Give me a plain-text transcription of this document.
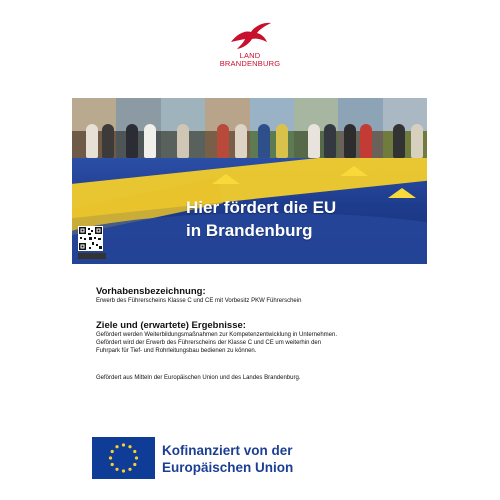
LAND
BRANDENBURG
Hier fördert die EU
in Brandenburg

Vorhabensbezeichnung:

Erwerb des Führerscheins Klasse C und CE mit Vorbesitz PKW Führerschein

Ziele und (erwartete) Ergebnisse:

Gefördert werden Weiterbildungsmaßnahmen zur Kompetenzentwicklung in Unternehmen.

Gefördert wird der Erwerb des Führerscheins der Klasse C und CE um weiterhin den

Fuhrpark für Tief- und Rohrleitungsbau bedienen zu können.

Gefördert aus Mitteln der Europäischen Union und des Landes Brandenburg.

Kofinanziert von der
Europäischen Union
